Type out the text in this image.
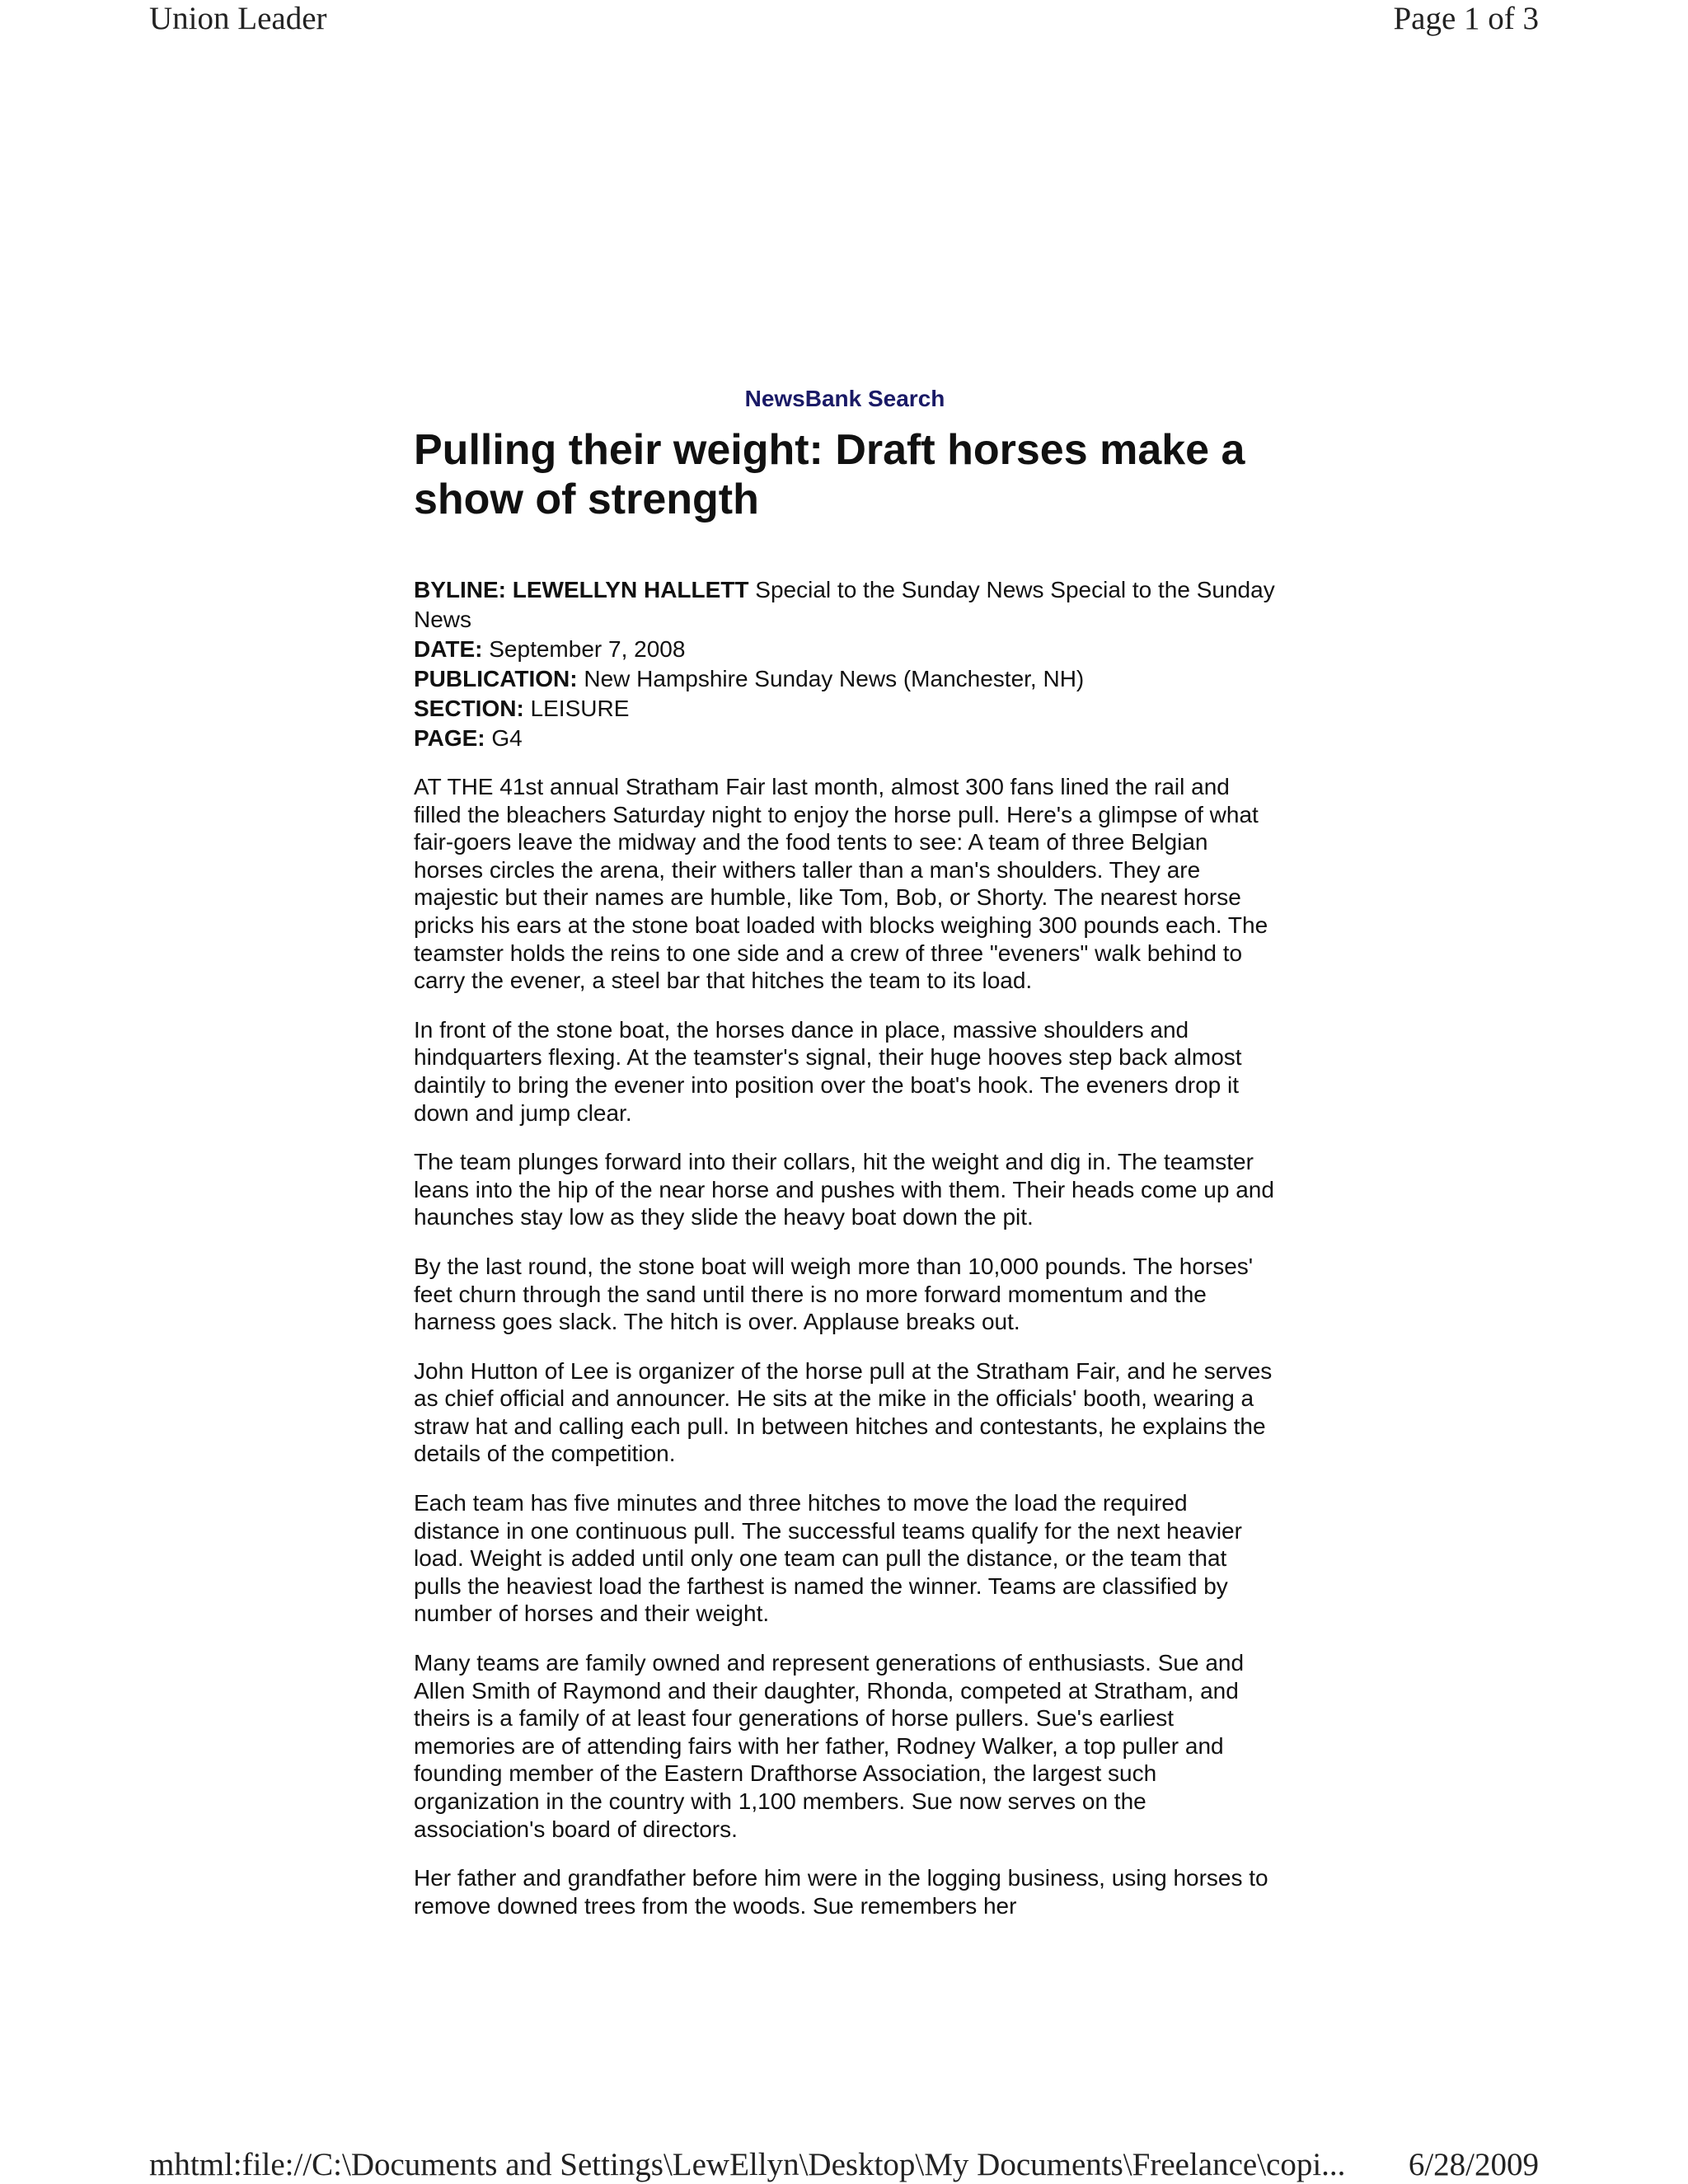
Union Leader	Page 1 of 3
NewsBank Search
Pulling their weight: Draft horses make a show of strength
BYLINE: LEWELLYN HALLETT Special to the Sunday News Special to the Sunday News
DATE: September 7, 2008
PUBLICATION: New Hampshire Sunday News (Manchester, NH)
SECTION: LEISURE
PAGE: G4

AT THE 41st annual Stratham Fair last month, almost 300 fans lined the rail and filled the bleachers Saturday night to enjoy the horse pull. Here's a glimpse of what fair-goers leave the midway and the food tents to see: A team of three Belgian horses circles the arena, their withers taller than a man's shoulders. They are majestic but their names are humble, like Tom, Bob, or Shorty. The nearest horse pricks his ears at the stone boat loaded with blocks weighing 300 pounds each. The teamster holds the reins to one side and a crew of three "eveners" walk behind to carry the evener, a steel bar that hitches the team to its load.

In front of the stone boat, the horses dance in place, massive shoulders and hindquarters flexing. At the teamster's signal, their huge hooves step back almost daintily to bring the evener into position over the boat's hook. The eveners drop it down and jump clear.

The team plunges forward into their collars, hit the weight and dig in. The teamster leans into the hip of the near horse and pushes with them. Their heads come up and haunches stay low as they slide the heavy boat down the pit.

By the last round, the stone boat will weigh more than 10,000 pounds. The horses' feet churn through the sand until there is no more forward momentum and the harness goes slack. The hitch is over. Applause breaks out.

John Hutton of Lee is organizer of the horse pull at the Stratham Fair, and he serves as chief official and announcer. He sits at the mike in the officials' booth, wearing a straw hat and calling each pull. In between hitches and contestants, he explains the details of the competition.

Each team has five minutes and three hitches to move the load the required distance in one continuous pull. The successful teams qualify for the next heavier load. Weight is added until only one team can pull the distance, or the team that pulls the heaviest load the farthest is named the winner. Teams are classified by number of horses and their weight.

Many teams are family owned and represent generations of enthusiasts. Sue and Allen Smith of Raymond and their daughter, Rhonda, competed at Stratham, and theirs is a family of at least four generations of horse pullers. Sue's earliest memories are of attending fairs with her father, Rodney Walker, a top puller and founding member of the Eastern Drafthorse Association, the largest such organization in the country with 1,100 members. Sue now serves on the association's board of directors.

Her father and grandfather before him were in the logging business, using horses to remove downed trees from the woods. Sue remembers her

mhtml:file://C:\Documents and Settings\LewEllyn\Desktop\My Documents\Freelance\copi... 6/28/2009
